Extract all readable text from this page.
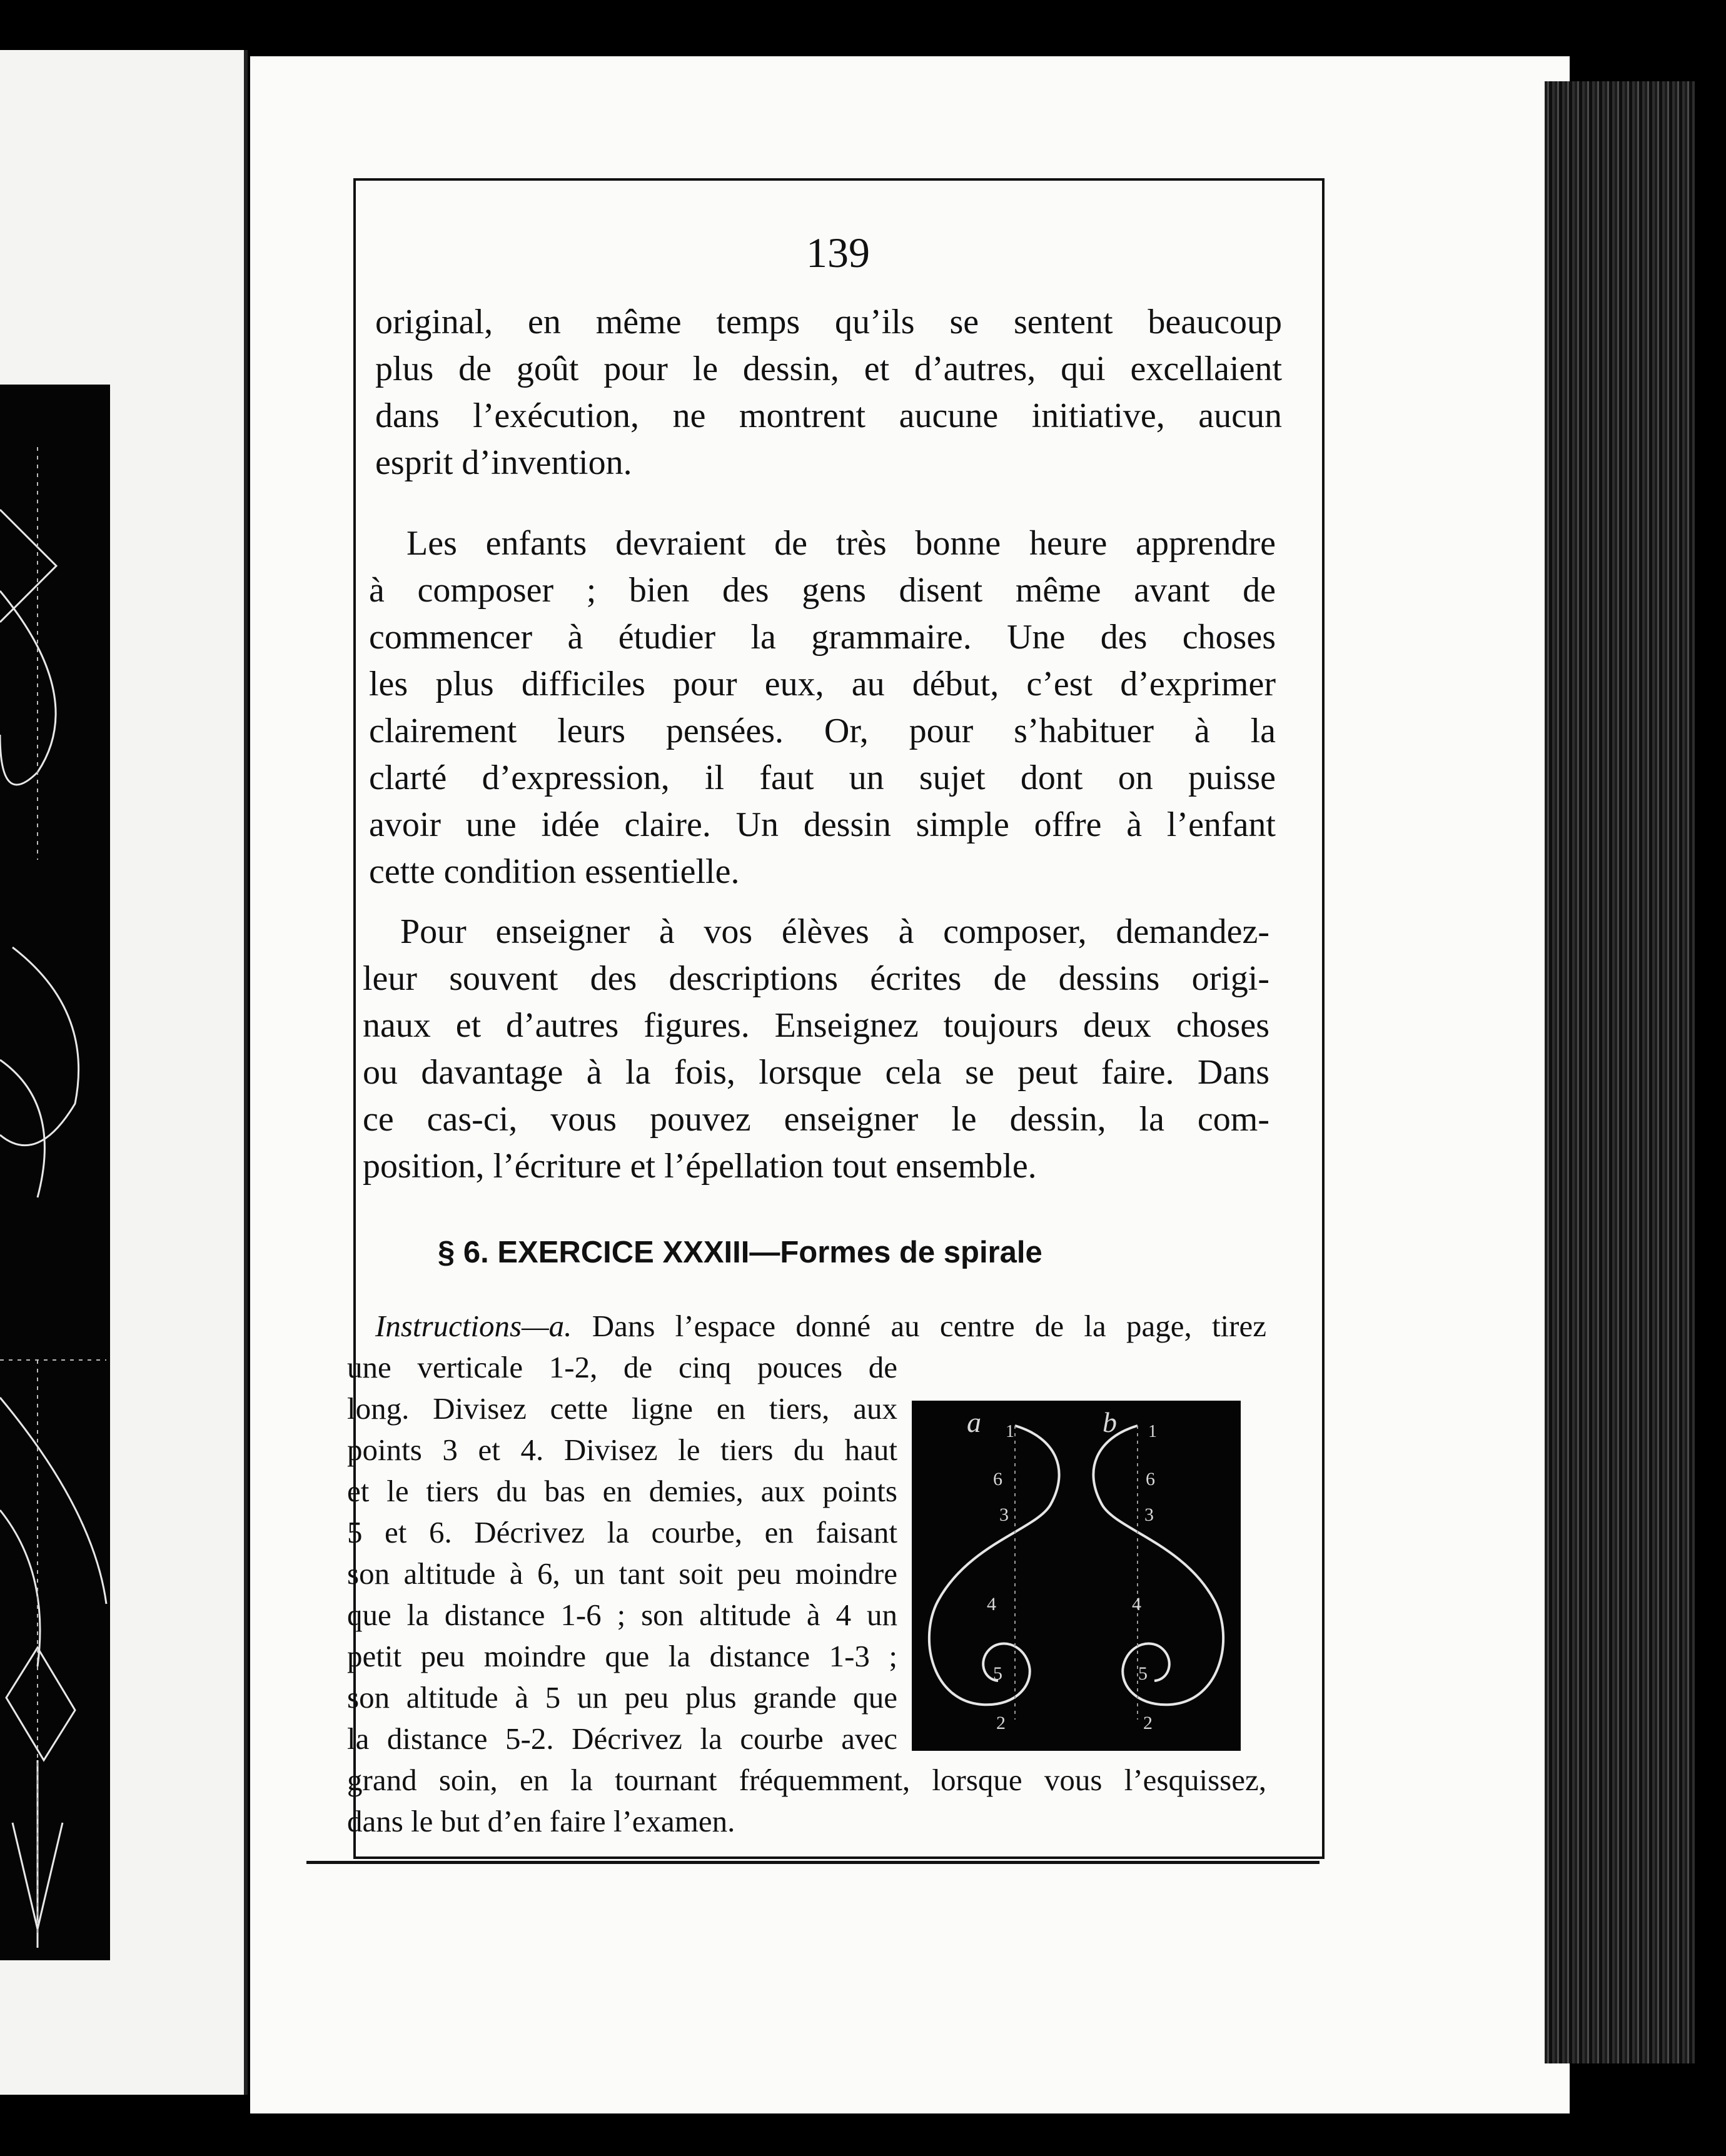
139
original, en même temps qu’ils se sentent beaucoup
plus de goût pour le dessin, et d’autres, qui excellaient
dans l’exécution, ne montrent aucune initiative, aucun
esprit d’invention.
Les enfants devraient de très bonne heure apprendre
à composer ; bien des gens disent même avant de
commencer à étudier la grammaire. Une des choses
les plus difficiles pour eux, au début, c’est d’exprimer
clairement leurs pensées. Or, pour s’habituer à la
clarté d’expression, il faut un sujet dont on puisse
avoir une idée claire. Un dessin simple offre à l’enfant
cette condition essentielle.
Pour enseigner à vos élèves à composer, demandez-
leur souvent des descriptions écrites de dessins origi-
naux et d’autres figures. Enseignez toujours deux choses
ou davantage à la fois, lorsque cela se peut faire. Dans
ce cas-ci, vous pouvez enseigner le dessin, la com-
position, l’écriture et l’épellation tout ensemble.
§ 6. EXERCICE XXXIII—Formes de spirale
Instructions—a. Dans l’espace donné au centre de la page, tirez
une verticale 1-2, de cinq pouces de
long. Divisez cette ligne en tiers, aux
points 3 et 4. Divisez le tiers du haut
et le tiers du bas en demies, aux points
5 et 6. Décrivez la courbe, en faisant
son altitude à 6, un tant soit peu moindre
que la distance 1-6 ; son altitude à 4 un
petit peu moindre que la distance 1-3 ;
son altitude à 5 un peu plus grande que
la distance 5-2. Décrivez la courbe avec
grand soin, en la tournant fréquemment, lorsque vous l’esquissez,
dans le but d’en faire l’examen.
a	b
1	1
6	6
3	3
4	4
5	5
2	2
